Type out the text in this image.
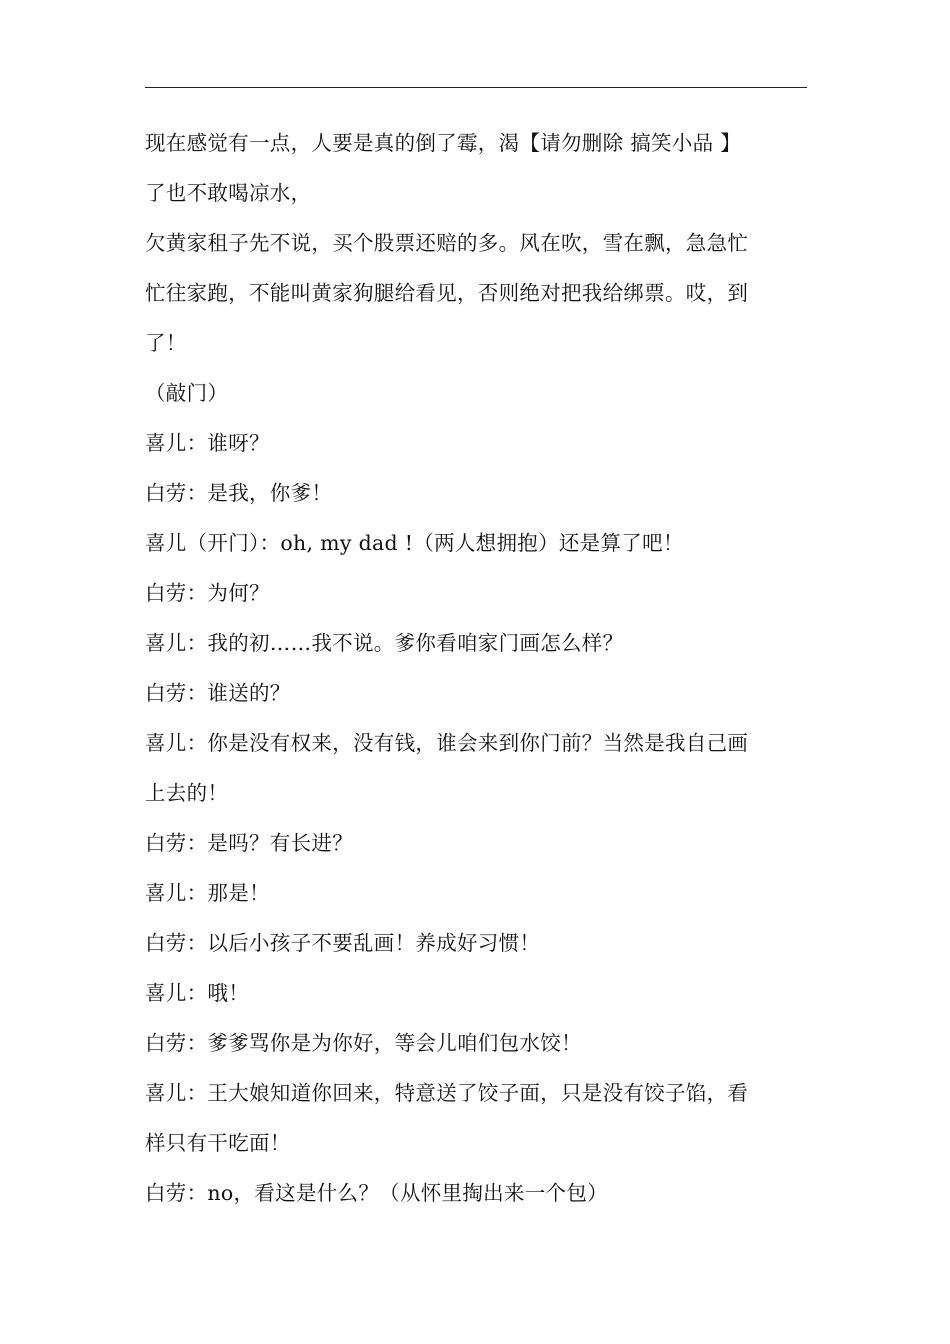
现在感觉有一点，人要是真的倒了霉，渴【请勿删除 搞笑小品 】
了也不敢喝凉水，
欠黄家租子先不说，买个股票还赔的多。风在吹，雪在飘，急急忙
忙往家跑，不能叫黄家狗腿给看见，否则绝对把我给绑票。哎，到
了！
（敲门）
喜儿：谁呀？
白劳：是我，你爹！
喜儿（开门）：oh, my dad !（两人想拥抱）还是算了吧！
白劳：为何？
喜儿：我的初……我不说。爹你看咱家门画怎么样？
白劳：谁送的？
喜儿：你是没有权来，没有钱，谁会来到你门前？当然是我自己画
上去的！
白劳：是吗？有长进？
喜儿：那是！
白劳：以后小孩子不要乱画！养成好习惯！
喜儿：哦！
白劳：爹爹骂你是为你好，等会儿咱们包水饺！
喜儿：王大娘知道你回来，特意送了饺子面，只是没有饺子馅，看
样只有干吃面！
白劳：no，看这是什么？（从怀里掏出来一个包）
